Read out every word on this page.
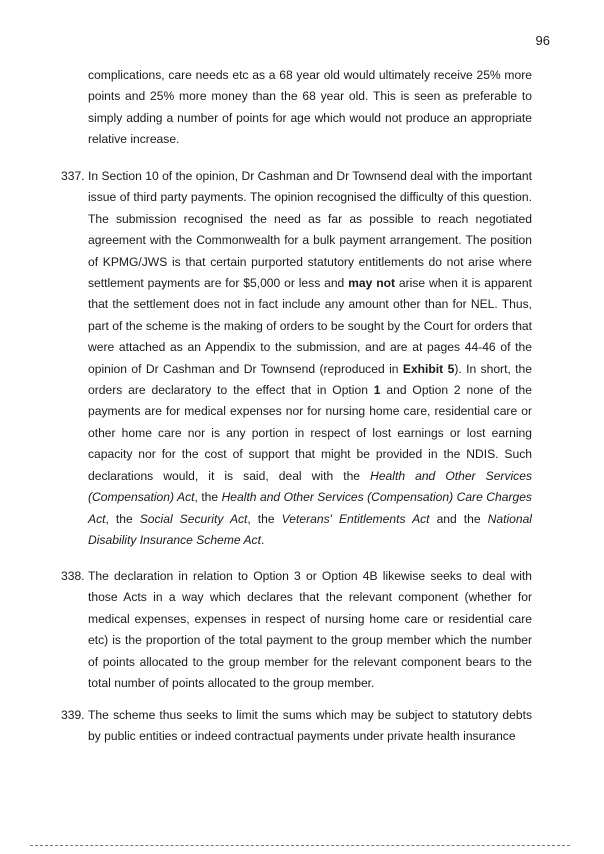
96

complications, care needs etc as a 68 year old would ultimately receive 25% more points and 25% more money than the 68 year old. This is seen as preferable to simply adding a number of points for age which would not produce an appropriate relative increase.

337. In Section 10 of the opinion, Dr Cashman and Dr Townsend deal with the important issue of third party payments. The opinion recognised the difficulty of this question. The submission recognised the need as far as possible to reach negotiated agreement with the Commonwealth for a bulk payment arrangement. The position of KPMG/JWS is that certain purported statutory entitlements do not arise where settlement payments are for $5,000 or less and may not arise when it is apparent that the settlement does not in fact include any amount other than for NEL. Thus, part of the scheme is the making of orders to be sought by the Court for orders that were attached as an Appendix to the submission, and are at pages 44-46 of the opinion of Dr Cashman and Dr Townsend (reproduced in Exhibit 5). In short, the orders are declaratory to the effect that in Option 1 and Option 2 none of the payments are for medical expenses nor for nursing home care, residential care or other home care nor is any portion in respect of lost earnings or lost earning capacity nor for the cost of support that might be provided in the NDIS. Such declarations would, it is said, deal with the Health and Other Services (Compensation) Act, the Health and Other Services (Compensation) Care Charges Act, the Social Security Act, the Veterans' Entitlements Act and the National Disability Insurance Scheme Act.

338. The declaration in relation to Option 3 or Option 4B likewise seeks to deal with those Acts in a way which declares that the relevant component (whether for medical expenses, expenses in respect of nursing home care or residential care etc) is the proportion of the total payment to the group member which the number of points allocated to the group member for the relevant component bears to the total number of points allocated to the group member.

339. The scheme thus seeks to limit the sums which may be subject to statutory debts by public entities or indeed contractual payments under private health insurance
